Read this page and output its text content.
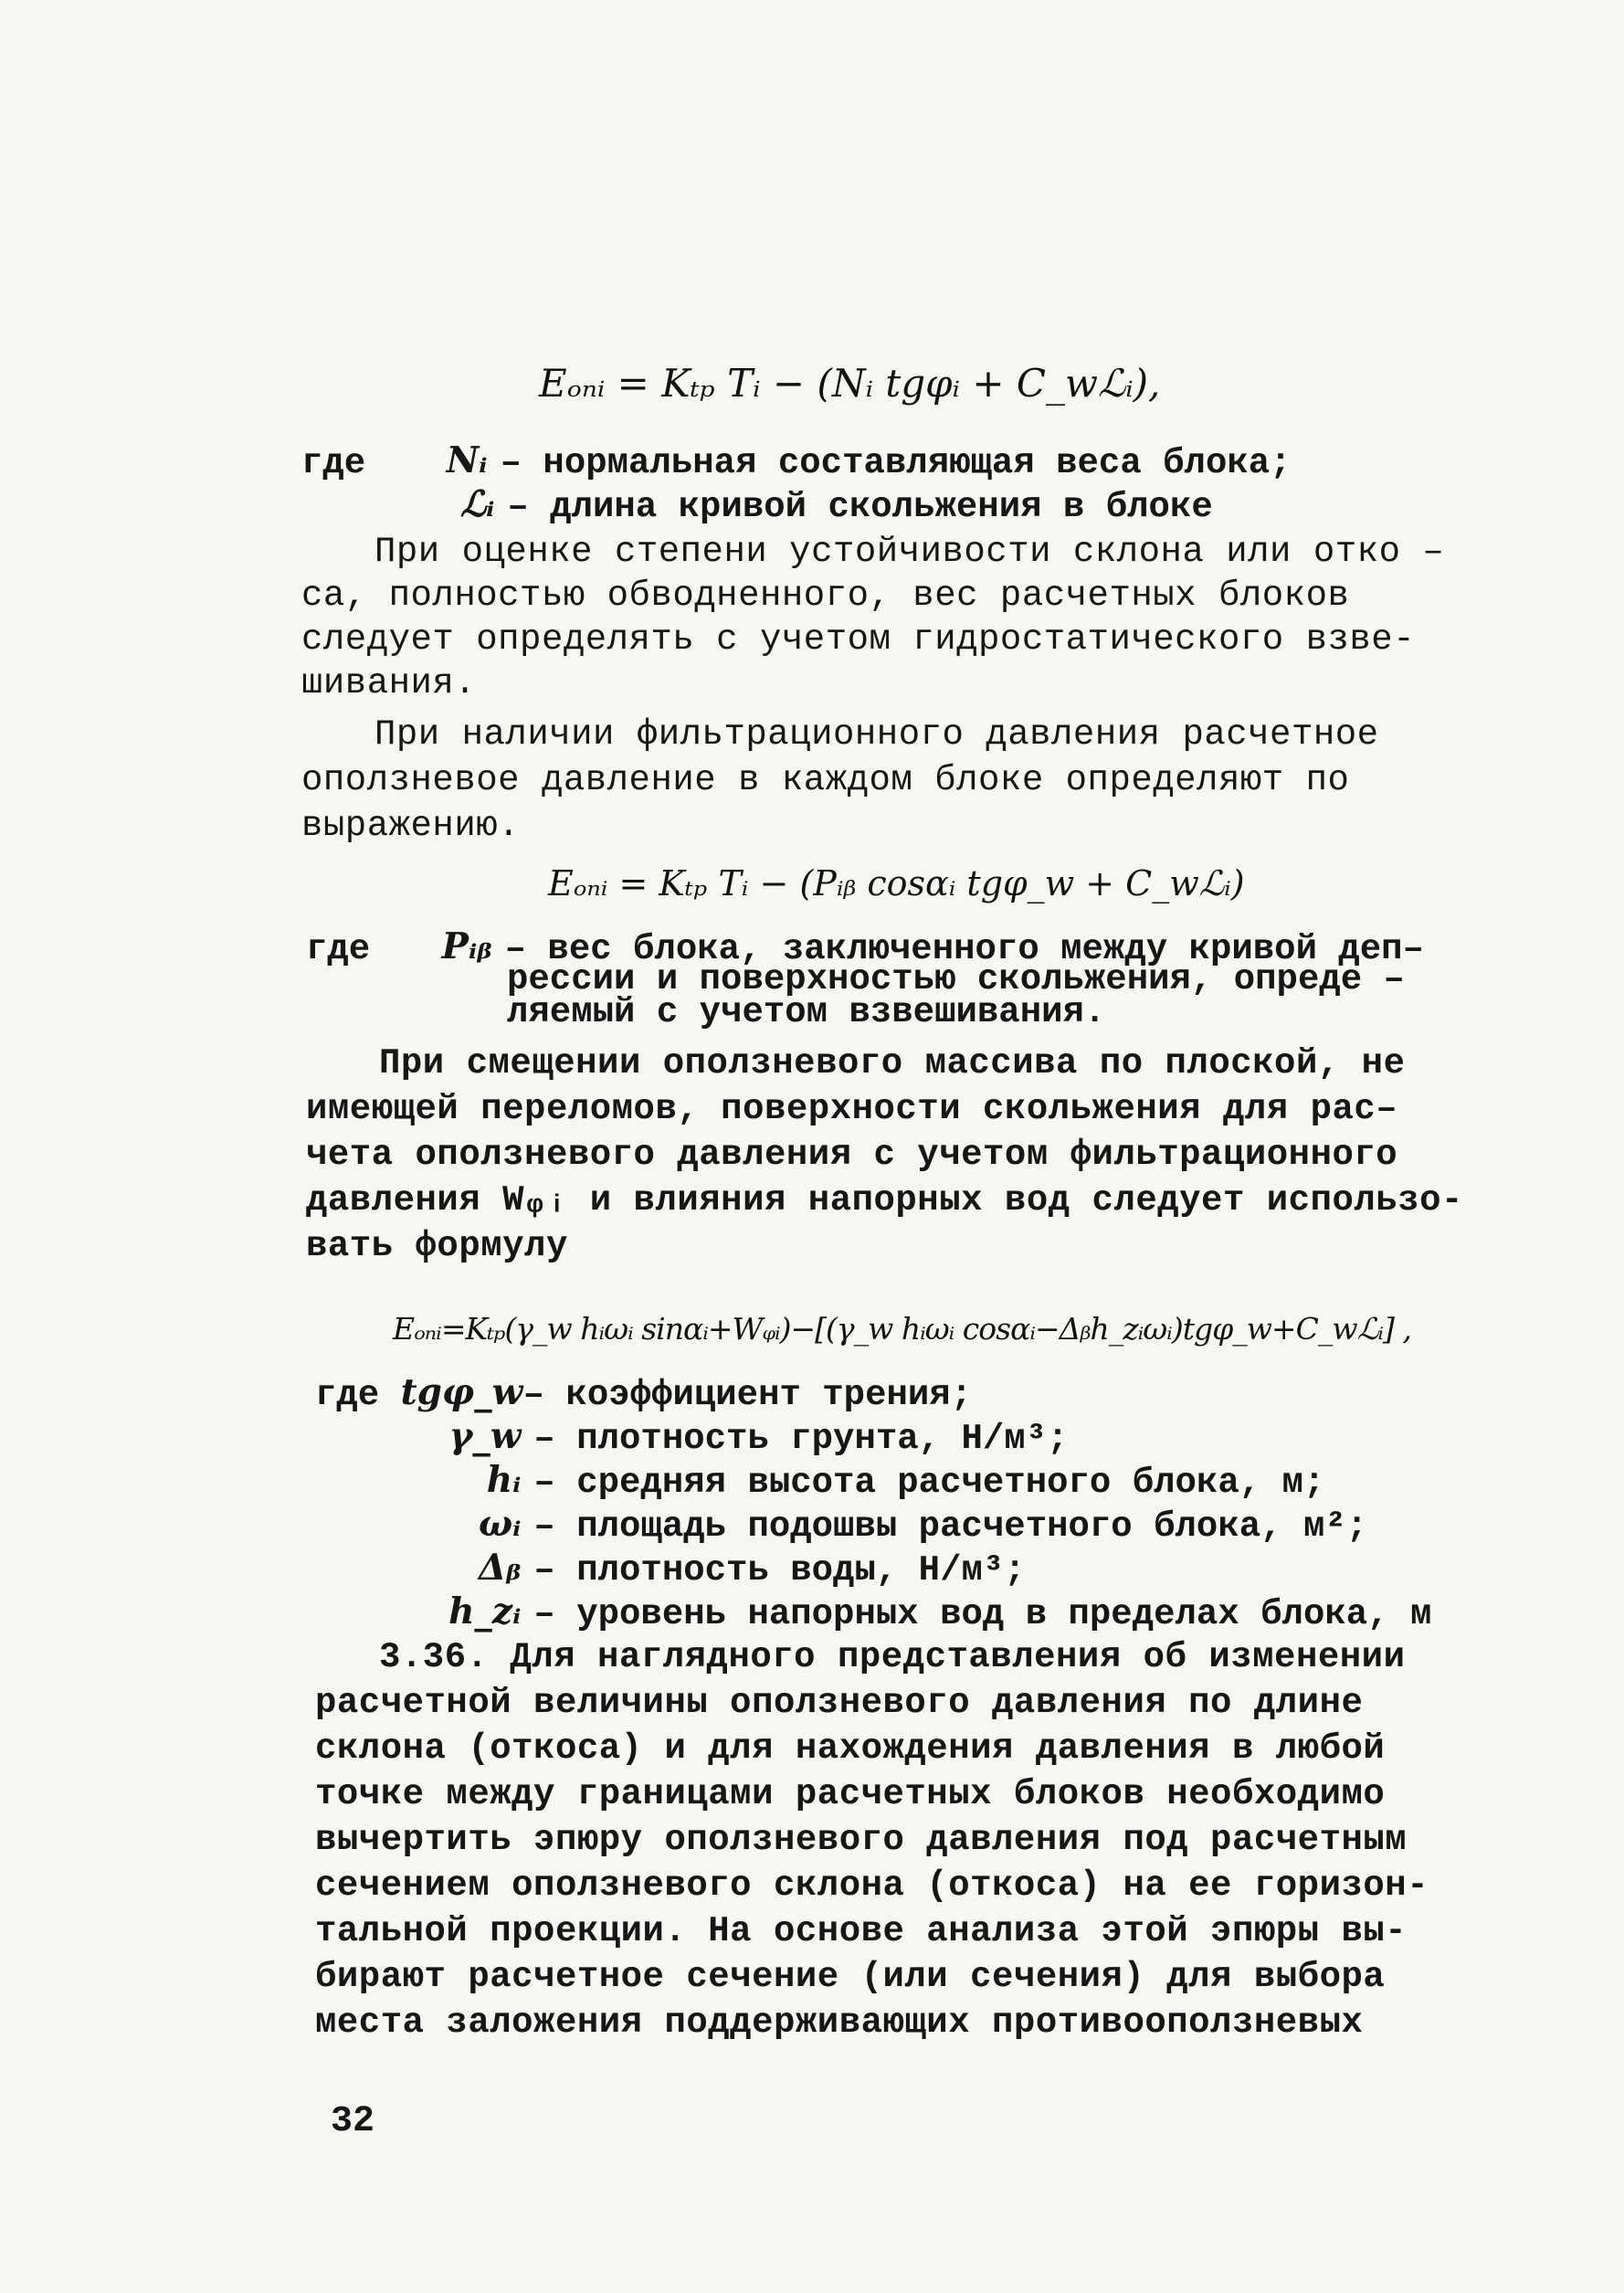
Eₒₙᵢ = Kₜₚ Tᵢ − (Nᵢ tgφᵢ + C_wℒᵢ),
где Nᵢ – нормальная составляющая веса блока;
ℒᵢ – длина кривой скольжения в блоке
При оценке степени устойчивости склона или отко –
са, полностью обводненного, вес расчетных блоков
следует определять с учетом гидростатического взве-
шивания.
При наличии фильтрационного давления расчетное
оползневое давление в каждом блоке определяют по
выражению.
Eₒₙᵢ = Kₜₚ Tᵢ − (Pᵢᵦ cosαᵢ tgφ_w + C_wℒᵢ)
где Pᵢᵦ – вес блока, заключенного между кривой деп–
рессии и поверхностью скольжения, опреде –
ляемый с учетом взвешивания.
При смещении оползневого массива по плоской, не
имеющей переломов, поверхности скольжения для рас–
чета оползневого давления с учетом фильтрационного
давления Wᵩᵢ и влияния напорных вод следует использо-
вать формулу
Eₒₙᵢ=Kₜₚ(γ_w hᵢωᵢ sinαᵢ+Wᵩᵢ)−[(γ_w hᵢωᵢ cosαᵢ−Δᵦh_zᵢωᵢ)tgφ_w+C_wℒᵢ] ,
где tgφ_w– коэффициент трения;
γ_w – плотность грунта, Н/м³;
hᵢ – средняя высота расчетного блока, м;
ωᵢ – площадь подошвы расчетного блока, м²;
Δᵦ – плотность воды, Н/м³;
h_zᵢ – уровень напорных вод в пределах блока, м
3.36. Для наглядного представления об изменении
расчетной величины оползневого давления по длине
склона (откоса) и для нахождения давления в любой
точке между границами расчетных блоков необходимо
вычертить эпюру оползневого давления под расчетным
сечением оползневого склона (откоса) на ее горизон-
тальной проекции. На основе анализа этой эпюры вы-
бирают расчетное сечение (или сечения) для выбора
места заложения поддерживающих противооползневых
32
